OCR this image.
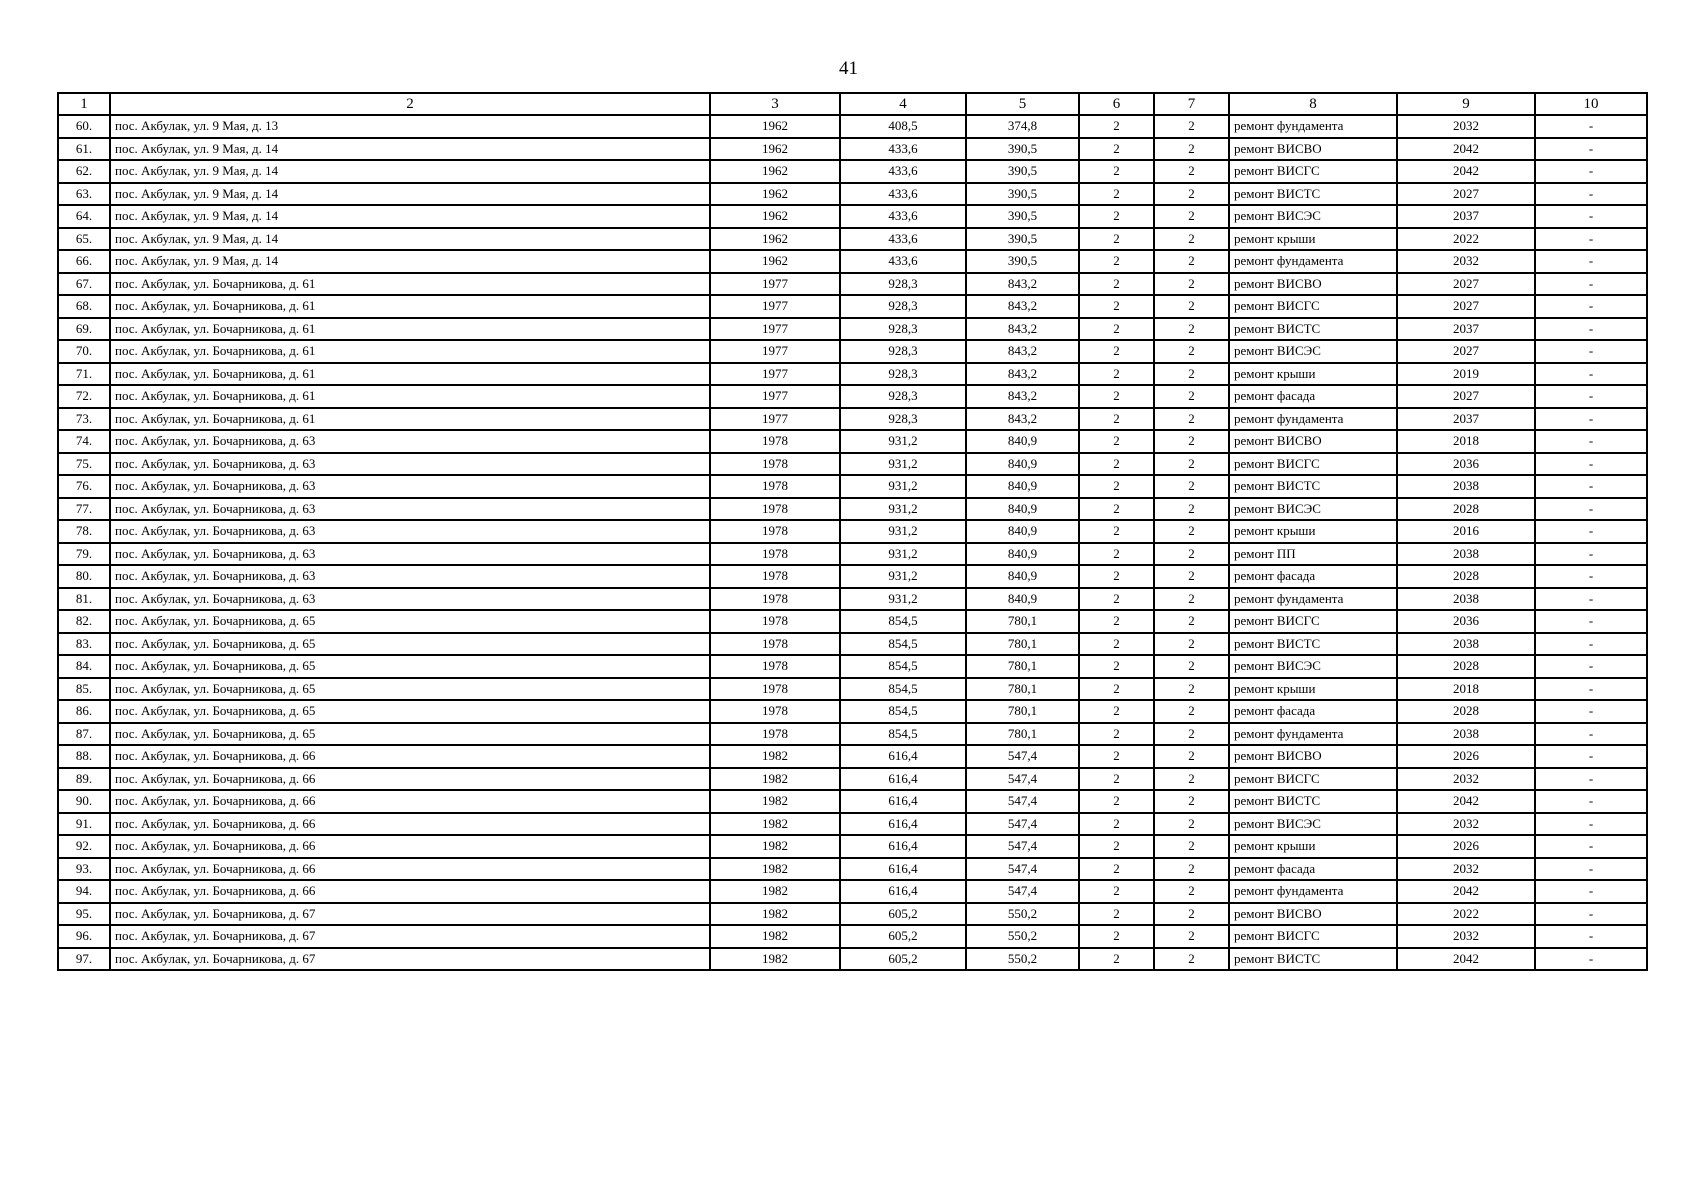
41
1	2	3	4	5	6	7	8	9	10
60.	пос. Акбулак, ул. 9 Мая, д. 13	1962	408,5	374,8	2	2	ремонт фундамента	2032	-
61.	пос. Акбулак, ул. 9 Мая, д. 14	1962	433,6	390,5	2	2	ремонт ВИСВО	2042	-
62.	пос. Акбулак, ул. 9 Мая, д. 14	1962	433,6	390,5	2	2	ремонт ВИСГС	2042	-
63.	пос. Акбулак, ул. 9 Мая, д. 14	1962	433,6	390,5	2	2	ремонт ВИСТС	2027	-
64.	пос. Акбулак, ул. 9 Мая, д. 14	1962	433,6	390,5	2	2	ремонт ВИСЭС	2037	-
65.	пос. Акбулак, ул. 9 Мая, д. 14	1962	433,6	390,5	2	2	ремонт крыши	2022	-
66.	пос. Акбулак, ул. 9 Мая, д. 14	1962	433,6	390,5	2	2	ремонт фундамента	2032	-
67.	пос. Акбулак, ул. Бочарникова, д. 61	1977	928,3	843,2	2	2	ремонт ВИСВО	2027	-
68.	пос. Акбулак, ул. Бочарникова, д. 61	1977	928,3	843,2	2	2	ремонт ВИСГС	2027	-
69.	пос. Акбулак, ул. Бочарникова, д. 61	1977	928,3	843,2	2	2	ремонт ВИСТС	2037	-
70.	пос. Акбулак, ул. Бочарникова, д. 61	1977	928,3	843,2	2	2	ремонт ВИСЭС	2027	-
71.	пос. Акбулак, ул. Бочарникова, д. 61	1977	928,3	843,2	2	2	ремонт крыши	2019	-
72.	пос. Акбулак, ул. Бочарникова, д. 61	1977	928,3	843,2	2	2	ремонт фасада	2027	-
73.	пос. Акбулак, ул. Бочарникова, д. 61	1977	928,3	843,2	2	2	ремонт фундамента	2037	-
74.	пос. Акбулак, ул. Бочарникова, д. 63	1978	931,2	840,9	2	2	ремонт ВИСВО	2018	-
75.	пос. Акбулак, ул. Бочарникова, д. 63	1978	931,2	840,9	2	2	ремонт ВИСГС	2036	-
76.	пос. Акбулак, ул. Бочарникова, д. 63	1978	931,2	840,9	2	2	ремонт ВИСТС	2038	-
77.	пос. Акбулак, ул. Бочарникова, д. 63	1978	931,2	840,9	2	2	ремонт ВИСЭС	2028	-
78.	пос. Акбулак, ул. Бочарникова, д. 63	1978	931,2	840,9	2	2	ремонт крыши	2016	-
79.	пос. Акбулак, ул. Бочарникова, д. 63	1978	931,2	840,9	2	2	ремонт ПП	2038	-
80.	пос. Акбулак, ул. Бочарникова, д. 63	1978	931,2	840,9	2	2	ремонт фасада	2028	-
81.	пос. Акбулак, ул. Бочарникова, д. 63	1978	931,2	840,9	2	2	ремонт фундамента	2038	-
82.	пос. Акбулак, ул. Бочарникова, д. 65	1978	854,5	780,1	2	2	ремонт ВИСГС	2036	-
83.	пос. Акбулак, ул. Бочарникова, д. 65	1978	854,5	780,1	2	2	ремонт ВИСТС	2038	-
84.	пос. Акбулак, ул. Бочарникова, д. 65	1978	854,5	780,1	2	2	ремонт ВИСЭС	2028	-
85.	пос. Акбулак, ул. Бочарникова, д. 65	1978	854,5	780,1	2	2	ремонт крыши	2018	-
86.	пос. Акбулак, ул. Бочарникова, д. 65	1978	854,5	780,1	2	2	ремонт фасада	2028	-
87.	пос. Акбулак, ул. Бочарникова, д. 65	1978	854,5	780,1	2	2	ремонт фундамента	2038	-
88.	пос. Акбулак, ул. Бочарникова, д. 66	1982	616,4	547,4	2	2	ремонт ВИСВО	2026	-
89.	пос. Акбулак, ул. Бочарникова, д. 66	1982	616,4	547,4	2	2	ремонт ВИСГС	2032	-
90.	пос. Акбулак, ул. Бочарникова, д. 66	1982	616,4	547,4	2	2	ремонт ВИСТС	2042	-
91.	пос. Акбулак, ул. Бочарникова, д. 66	1982	616,4	547,4	2	2	ремонт ВИСЭС	2032	-
92.	пос. Акбулак, ул. Бочарникова, д. 66	1982	616,4	547,4	2	2	ремонт крыши	2026	-
93.	пос. Акбулак, ул. Бочарникова, д. 66	1982	616,4	547,4	2	2	ремонт фасада	2032	-
94.	пос. Акбулак, ул. Бочарникова, д. 66	1982	616,4	547,4	2	2	ремонт фундамента	2042	-
95.	пос. Акбулак, ул. Бочарникова, д. 67	1982	605,2	550,2	2	2	ремонт ВИСВО	2022	-
96.	пос. Акбулак, ул. Бочарникова, д. 67	1982	605,2	550,2	2	2	ремонт ВИСГС	2032	-
97.	пос. Акбулак, ул. Бочарникова, д. 67	1982	605,2	550,2	2	2	ремонт ВИСТС	2042	-
